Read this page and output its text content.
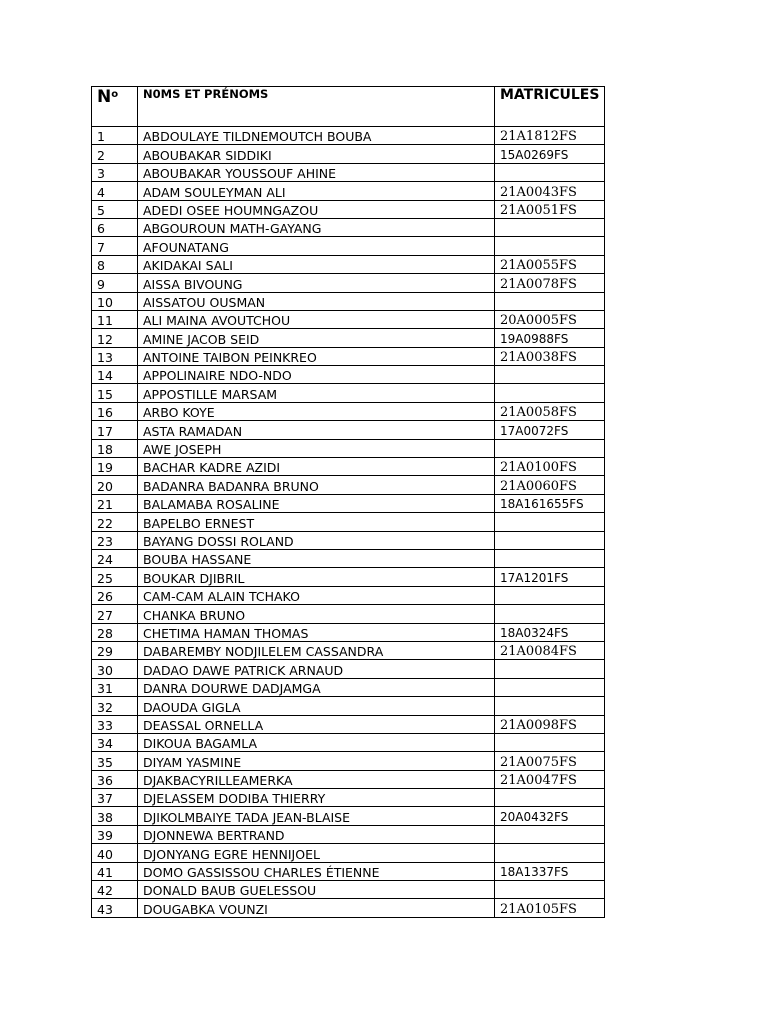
$N^o$	N0MS ET PRÉNOMS	MATRICULES
1	ABDOULAYE TILDNEMOUTCH BOUBA	21A1812FS
2	ABOUBAKAR SIDDIKI	15A0269FS
3	ABOUBAKAR YOUSSOUF AHINE	
4	ADAM SOULEYMAN ALI	21A0043FS
5	ADEDI OSEE HOUMNGAZOU	21A0051FS
6	ABGOUROUN MATH-GAYANG	
7	AFOUNATANG	
8	AKIDAKAI SALI	21A0055FS
9	AISSA BIVOUNG	21A0078FS
10	AISSATOU OUSMAN	
11	ALI MAINA AVOUTCHOU	20A0005FS
12	AMINE JACOB SEID	19A0988FS
13	ANTOINE TAIBON PEINKREO	21A0038FS
14	APPOLINAIRE NDO-NDO	
15	APPOSTILLE MARSAM	
16	ARBO KOYE	21A0058FS
17	ASTA RAMADAN	17A0072FS
18	AWE JOSEPH	
19	BACHAR KADRE AZIDI	21A0100FS
20	BADANRA BADANRA BRUNO	21A0060FS
21	BALAMABA ROSALINE	18A161655FS
22	BAPELBO ERNEST	
23	BAYANG DOSSI ROLAND	
24	BOUBA HASSANE	
25	BOUKAR DJIBRIL	17A1201FS
26	CAM-CAM ALAIN TCHAKO	
27	CHANKA BRUNO	
28	CHETIMA HAMAN THOMAS	18A0324FS
29	DABAREMBY NODJILELEM CASSANDRA	21A0084FS
30	DADAO DAWE PATRICK ARNAUD	
31	DANRA DOURWE DADJAMGA	
32	DAOUDA GIGLA	
33	DEASSAL ORNELLA	21A0098FS
34	DIKOUA BAGAMLA	
35	DIYAM YASMINE	21A0075FS
36	DJAKBACYRILLEAMERKA	21A0047FS
37	DJELASSEM DODIBA THIERRY	
38	DJIKOLMBAIYE TADA JEAN-BLAISE	20A0432FS
39	DJONNEWA BERTRAND	
40	DJONYANG EGRE HENNIJOEL	
41	DOMO GASSISSOU CHARLES ÉTIENNE	18A1337FS
42	DONALD BAUB GUELESSOU	
43	DOUGABKA VOUNZI	21A0105FS
